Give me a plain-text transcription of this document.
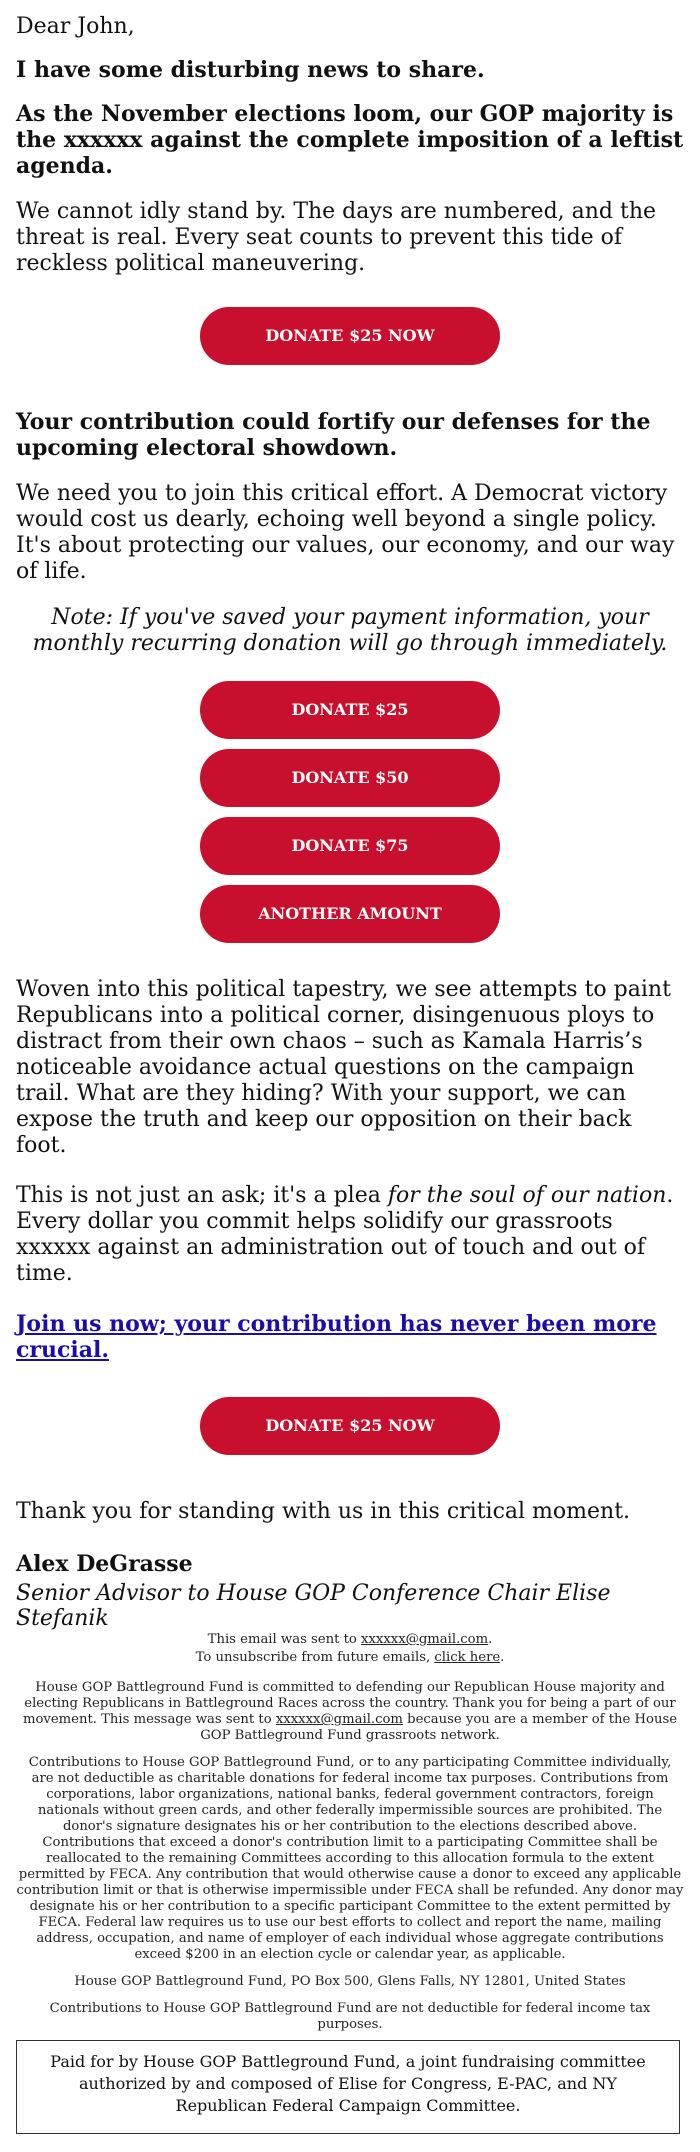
Dear John,

I have some disturbing news to share.

As the November elections loom, our GOP majority is the xxxxxx against the complete imposition of a leftist agenda.

We cannot idly stand by. The days are numbered, and the threat is real. Every seat counts to prevent this tide of reckless political maneuvering.

DONATE $25 NOW

Your contribution could fortify our defenses for the upcoming electoral showdown.

We need you to join this critical effort. A Democrat victory would cost us dearly, echoing well beyond a single policy. It's about protecting our values, our economy, and our way of life.

Note: If you've saved your payment information, your monthly recurring donation will go through immediately.

DONATE $25
DONATE $50
DONATE $75
ANOTHER AMOUNT

Woven into this political tapestry, we see attempts to paint Republicans into a political corner, disingenuous ploys to distract from their own chaos – such as Kamala Harris’s noticeable avoidance actual questions on the campaign trail. What are they hiding? With your support, we can expose the truth and keep our opposition on their back foot.

This is not just an ask; it's a plea for the soul of our nation. Every dollar you commit helps solidify our grassroots xxxxxx against an administration out of touch and out of time.

Join us now; your contribution has never been more crucial.
DONATE $25 NOW

Thank you for standing with us in this critical moment.

Alex DeGrasse

Senior Advisor to House GOP Conference Chair Elise Stefanik

This email was sent to xxxxxx@gmail.com.

To unsubscribe from future emails, click here.

House GOP Battleground Fund is committed to defending our Republican House majority and electing Republicans in Battleground Races across the country. Thank you for being a part of our movement. This message was sent to xxxxxx@gmail.com because you are a member of the House GOP Battleground Fund grassroots network.

Contributions to House GOP Battleground Fund, or to any participating Committee individually, are not deductible as charitable donations for federal income tax purposes. Contributions from corporations, labor organizations, national banks, federal government contractors, foreign nationals without green cards, and other federally impermissible sources are prohibited. The donor's signature designates his or her contribution to the elections described above. Contributions that exceed a donor's contribution limit to a participating Committee shall be reallocated to the remaining Committees according to this allocation formula to the extent permitted by FECA. Any contribution that would otherwise cause a donor to exceed any applicable contribution limit or that is otherwise impermissible under FECA shall be refunded. Any donor may designate his or her contribution to a specific participant Committee to the extent permitted by FECA. Federal law requires us to use our best efforts to collect and report the name, mailing address, occupation, and name of employer of each individual whose aggregate contributions exceed $200 in an election cycle or calendar year, as applicable.

House GOP Battleground Fund, PO Box 500, Glens Falls, NY 12801, United States

Contributions to House GOP Battleground Fund are not deductible for federal income tax purposes.

Paid for by House GOP Battleground Fund, a joint fundraising committee authorized by and composed of Elise for Congress, E-PAC, and NY Republican Federal Campaign Committee.
